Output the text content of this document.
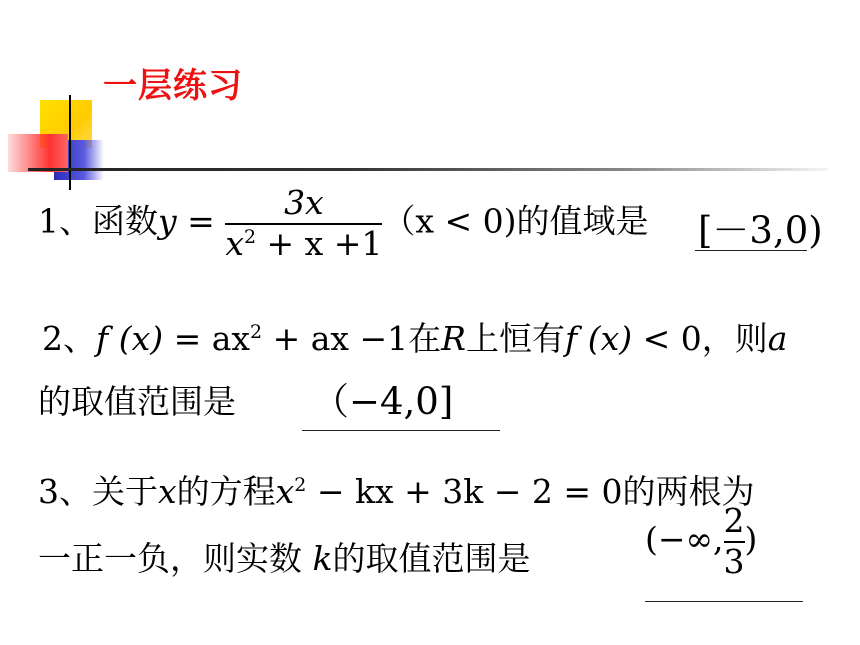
一层练习
1、函数$y = \frac{3x}{x^2 + x +1} (x < 0)$的值域是 [－3,0)
2、f $(x) = ax^2$ + ax −1在R上恒有f (x) < 0，则a
的取值范围是 （−4,0]
3、关于x的方程$x^2$ − kx + 3k − 2 = 0的两根为
一正一负，则实数 k的取值范围是	(−∞, $\frac{2}{3}$ )
